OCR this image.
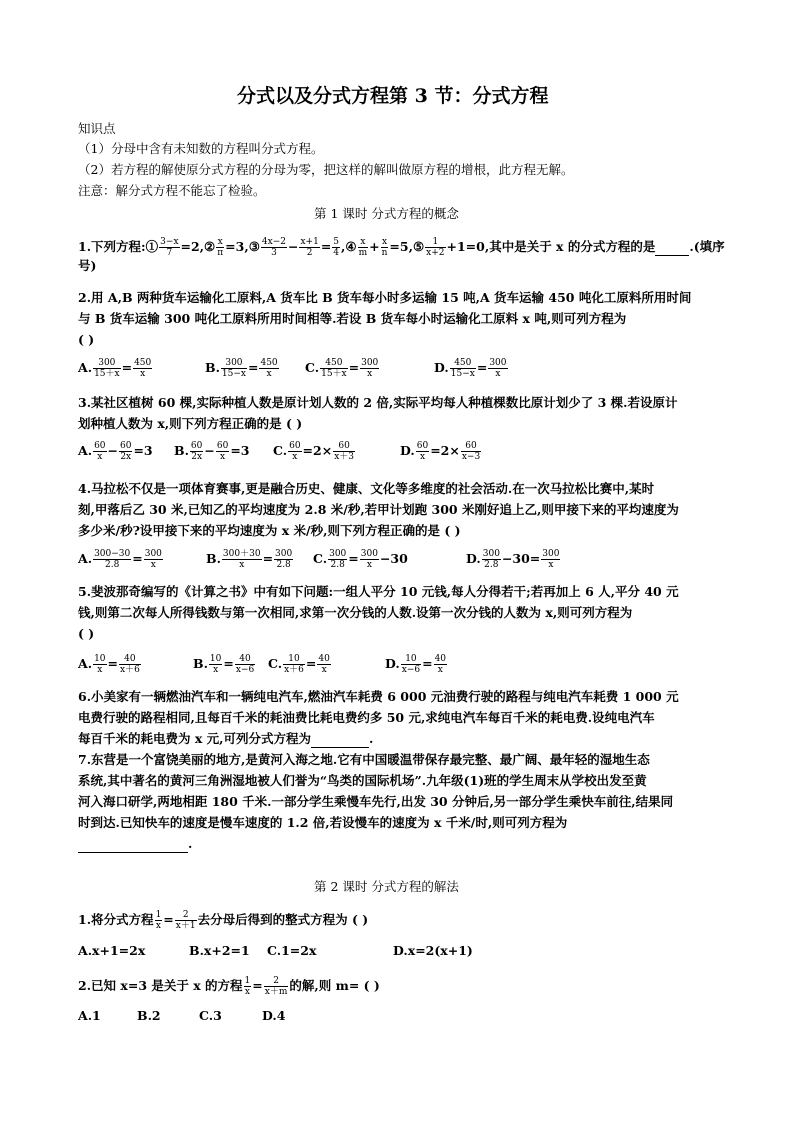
分式以及分式方程第 3 节：分式方程
知识点
（1）分母中含有未知数的方程叫分式方程。
（2）若方程的解使原分式方程的分母为零，把这样的解叫做原方程的增根，此方程无解。
注意：解分式方程不能忘了检验。
第 1 课时 分式方程的概念
1.下列方程:① $\frac{3-x}{7}$ =2,② $\frac{x}{\pi}$ =3,③ $\frac{4x-2}{3} - \frac{x+1}{2} = \frac{5}{4}$ ,④ $\frac{x}{m} + \frac{x}{n}$ =5,⑤ $\frac{1}{x+2} +1=0$,其中是关于 x 的分式方程的是	.(填序
号)
2.用 A,B 两种货车运输化工原料,A 货车比 B 货车每小时多运输 15 吨,A 货车运输 450 吨化工原料所用时间
与 B 货车运输 300 吨化工原料所用时间相等.若设 B 货车每小时运输化工原料 x 吨,则可列方程为
( )
A. $\frac{300}{15+x} = \frac{450}{x}$	B. $\frac{300}{15-x} = \frac{450}{x} C$. $\frac{450}{15+x} = \frac{300}{x}$	D. $\frac{450}{15-x} = \frac{300}{x}$
3.某社区植树 60 棵,实际种植人数是原计划人数的 2 倍,实际平均每人种植棵数比原计划少了 3 棵.若设原计
划种植人数为 x,则下列方程正确的是 ( )
A. $\frac{60}{x} - \frac{60}{2x} =3$ B. $\frac{60}{2x} - \frac{60}{x} =3$ C. $\frac{60}{x} =2\times \frac{60}{x+3}$	D. $\frac{60}{x} =2\times \frac{60}{x-3}$
4.马拉松不仅是一项体育赛事,更是融合历史、健康、文化等多维度的社会活动.在一次马拉松比赛中,某时
刻,甲落后乙 30 米,已知乙的平均速度为 2.8 米/秒,若甲计划跑 300 米刚好追上乙,则甲接下来的平均速度为
多少米/秒?设甲接下来的平均速度为 x 米/秒,则下列方程正确的是 ( )
A. $\frac{300-30}{2.8} = \frac{300}{x}$	B. $\frac{300+30}{x} = \frac{300}{2.8} C$. $\frac{300}{2.8} = \frac{300}{x} -30$	D. $\frac{300}{2.8} -30= \frac{300}{x}$
5.斐波那奇编写的《计算之书》中有如下问题:一组人平分 10 元钱,每人分得若干;若再加上 6 人,平分 40 元
钱,则第二次每人所得钱数与第一次相同,求第一次分钱的人数.设第一次分钱的人数为 x,则可列方程为
( )
A. $\frac{10}{x} = \frac{40}{x+6}$	B. $\frac{10}{x} = \frac{40}{x-6} C$. $\frac{10}{x+6} = \frac{40}{x}$	D. $\frac{10}{x-6} = \frac{40}{x}$
6.小美家有一辆燃油汽车和一辆纯电汽车,燃油汽车耗费 6 000 元油费行驶的路程与纯电汽车耗费 1 000 元
电费行驶的路程相同,且每百千米的耗油费比耗电费约多 50 元,求纯电汽车每百千米的耗电费.设纯电汽车
每百千米的耗电费为 x 元,可列分式方程为	.
7.东营是一个富饶美丽的地方,是黄河入海之地.它有中国暖温带保存最完整、最广阔、最年轻的湿地生态
系统,其中著名的黄河三角洲湿地被人们誉为“鸟类的国际机场”.九年级(1)班的学生周末从学校出发至黄
河入海口研学,两地相距 180 千米.一部分学生乘慢车先行,出发 30 分钟后,另一部分学生乘快车前往,结果同
时到达.已知快车的速度是慢车速度的 1.2 倍,若设慢车的速度为 x 千米/时,则可列方程为
.
第 2 课时 分式方程的解法
1.将分式方程 $\frac{1}{x} = \frac{2}{x+1}$ 去分母后得到的整式方程为 ( )
A.x+1=2x	B.x+2=1 C.1=2x	D.x=2(x+1)
2.已知 x=3 是关于 x 的方程 $\frac{1}{x} = \frac{2}{x+m}$ 的解,则 m= ( )
A.1	B.2	C.3	D.4
